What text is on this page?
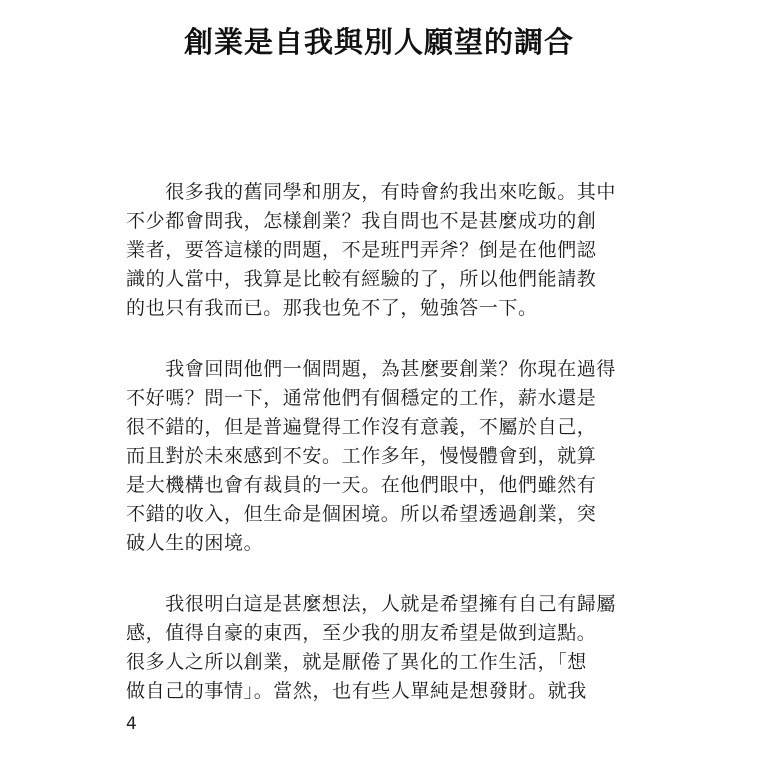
創業是自我與別人願望的調合

　　很多我的舊同學和朋友，有時會約我出來吃飯。其中
不少都會問我，怎樣創業？我自問也不是甚麼成功的創
業者，要答這樣的問題，不是班門弄斧？倒是在他們認
識的人當中，我算是比較有經驗的了，所以他們能請教
的也只有我而已。那我也免不了，勉強答一下。

　　我會回問他們一個問題，為甚麼要創業？你現在過得
不好嗎？問一下，通常他們有個穩定的工作，薪水還是
很不錯的，但是普遍覺得工作沒有意義，不屬於自己，
而且對於未來感到不安。工作多年，慢慢體會到，就算
是大機構也會有裁員的一天。在他們眼中，他們雖然有
不錯的收入，但生命是個困境。所以希望透過創業，突
破人生的困境。

　　我很明白這是甚麼想法，人就是希望擁有自己有歸屬
感，值得自豪的東西，至少我的朋友希望是做到這點。
很多人之所以創業，就是厭倦了異化的工作生活，「想
做自己的事情」。當然，也有些人單純是想發財。就我

4
